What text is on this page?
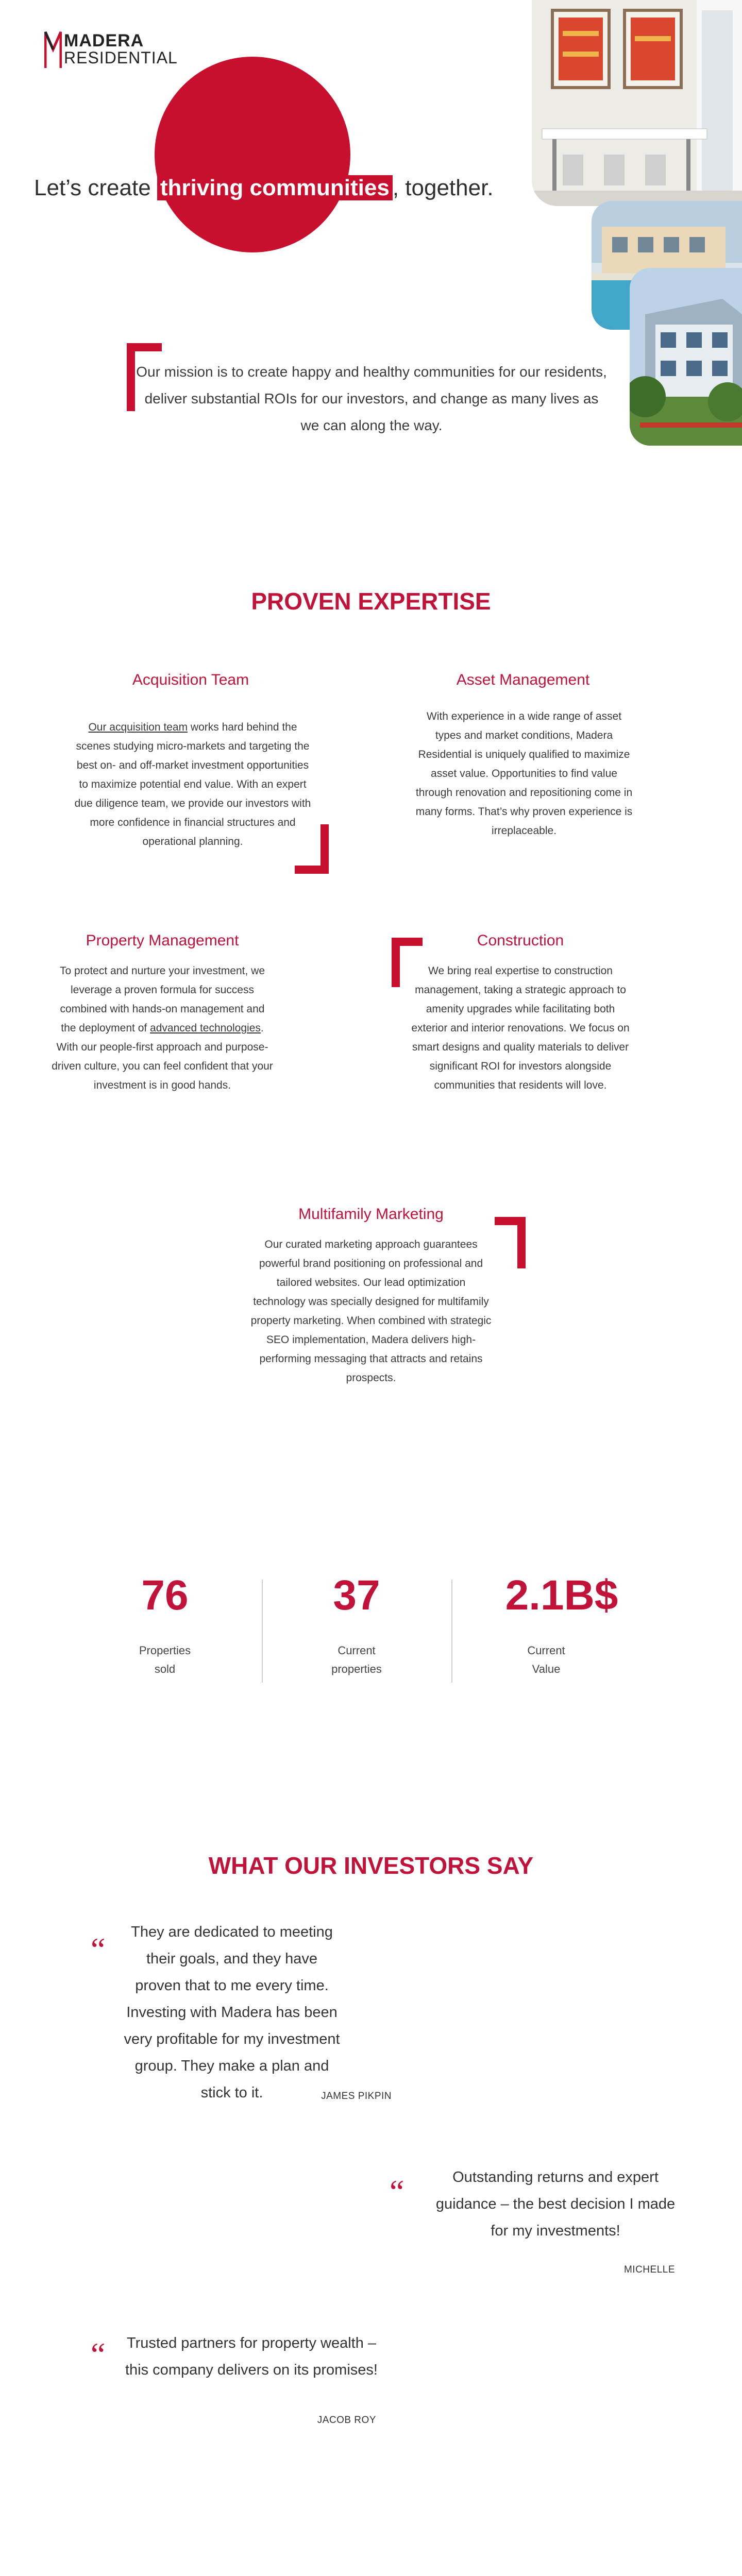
MADERA
RESIDENTIAL
Let’s create thriving communities , together.
Our mission is to create happy and healthy communities for our residents, deliver substantial ROIs for our investors, and change as many lives as we can along the way.
PROVEN EXPERTISE
Acquisition Team
Our acquisition team works hard behind the scenes studying micro-markets and targeting the best on- and off-market investment opportunities to maximize potential end value. With an expert due diligence team, we provide our investors with more confidence in financial structures and operational planning.
Asset Management
With experience in a wide range of asset types and market conditions, Madera Residential is uniquely qualified to maximize asset value. Opportunities to find value through renovation and repositioning come in many forms. That’s why proven experience is irreplaceable.
Property Management
To protect and nurture your investment, we leverage a proven formula for success combined with hands-on management and the deployment of advanced technologies. With our people-first approach and purpose-driven culture, you can feel confident that your investment is in good hands.
Construction
We bring real expertise to construction management, taking a strategic approach to amenity upgrades while facilitating both exterior and interior renovations. We focus on smart designs and quality materials to deliver significant ROI for investors alongside communities that residents will love.
Multifamily Marketing
Our curated marketing approach guarantees powerful brand positioning on professional and tailored websites. Our lead optimization technology was specially designed for multifamily property marketing. When combined with strategic SEO implementation, Madera delivers high-performing messaging that attracts and retains prospects.
76
Properties
sold
37
Current
properties
2.1B$
Current
Value
WHAT OUR INVESTORS SAY
“	They are dedicated to meeting their goals, and they have proven that to me every time. Investing with Madera has been very profitable for my investment group. They make a plan and stick to it.	JAMES PIKPIN
“	Outstanding returns and expert guidance – the best decision I made for my investments!
MICHELLE
“	Trusted partners for property wealth – this company delivers on its promises!
JACOB ROY
